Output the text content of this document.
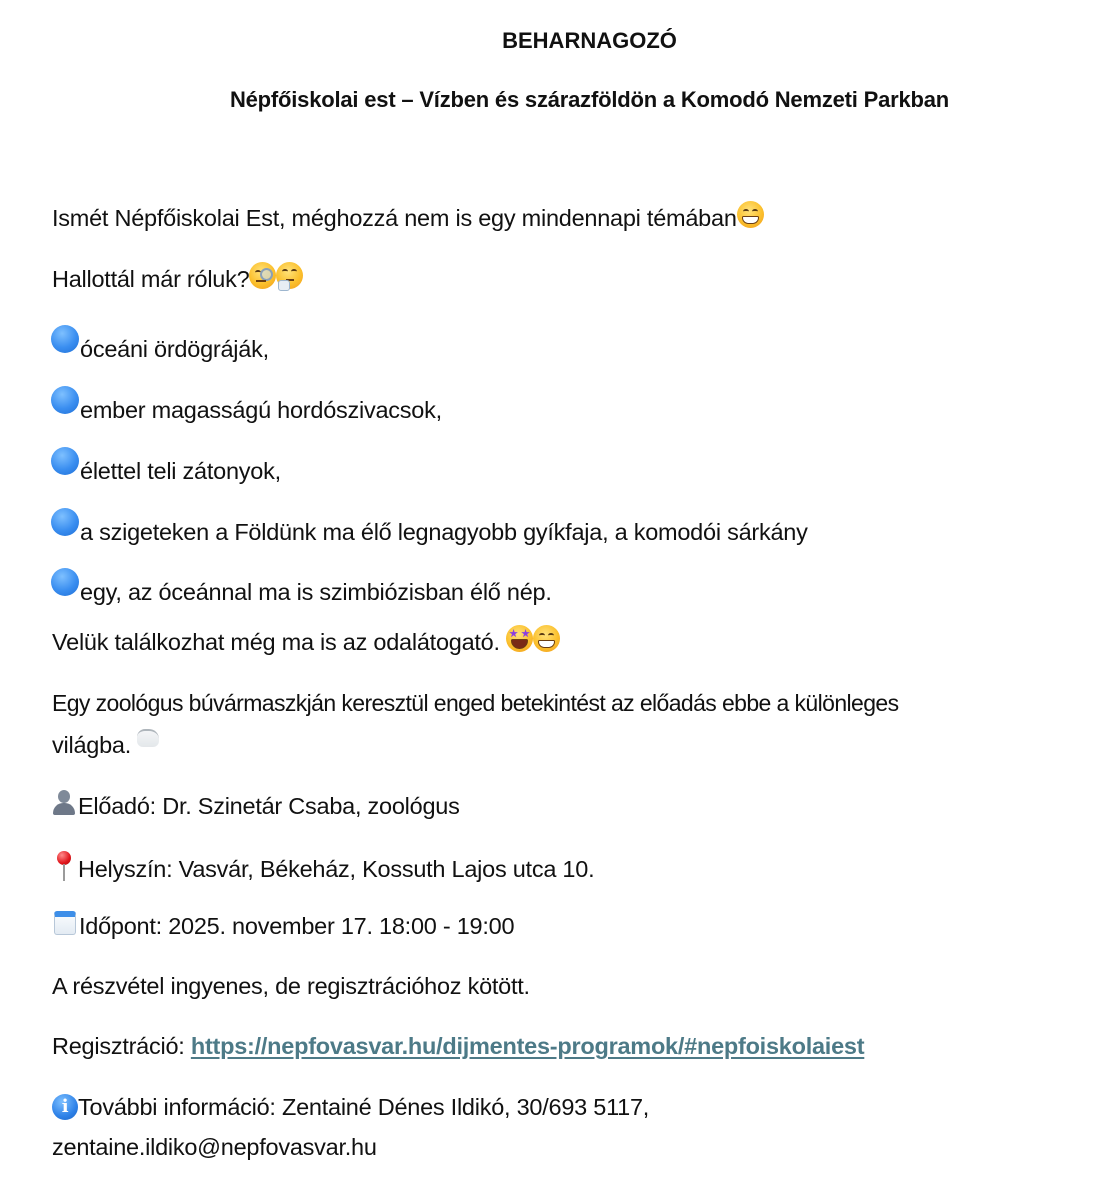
BEHARNAGOZÓ
Népfőiskolai est – Vízben és szárazföldön a Komodó Nemzeti Parkban
Ismét Népfőiskolai Est, méghozzá nem is egy mindennapi témában
Hallottál már róluk?
óceáni ördögráják,
ember magasságú hordószivacsok,
élettel teli zátonyok,
a szigeteken a Földünk ma élő legnagyobb gyíkfaja, a komodói sárkány
egy, az óceánnal ma is szimbiózisban élő nép.
Velük találkozhat még ma is az odalátogató.
Egy zoológus búvármaszkján keresztül enged betekintést az előadás ebbe a különleges
világba.
Előadó: Dr. Szinetár Csaba, zoológus
Helyszín: Vasvár, Békeház, Kossuth Lajos utca 10.
Időpont: 2025. november 17. 18:00 - 19:00
A részvétel ingyenes, de regisztrációhoz kötött.
Regisztráció: https://nepfovasvar.hu/dijmentes-programok/#nepfoiskolaiest
i További információ: Zentainé Dénes Ildikó, 30/693 5117,
zentaine.ildiko@nepfovasvar.hu
